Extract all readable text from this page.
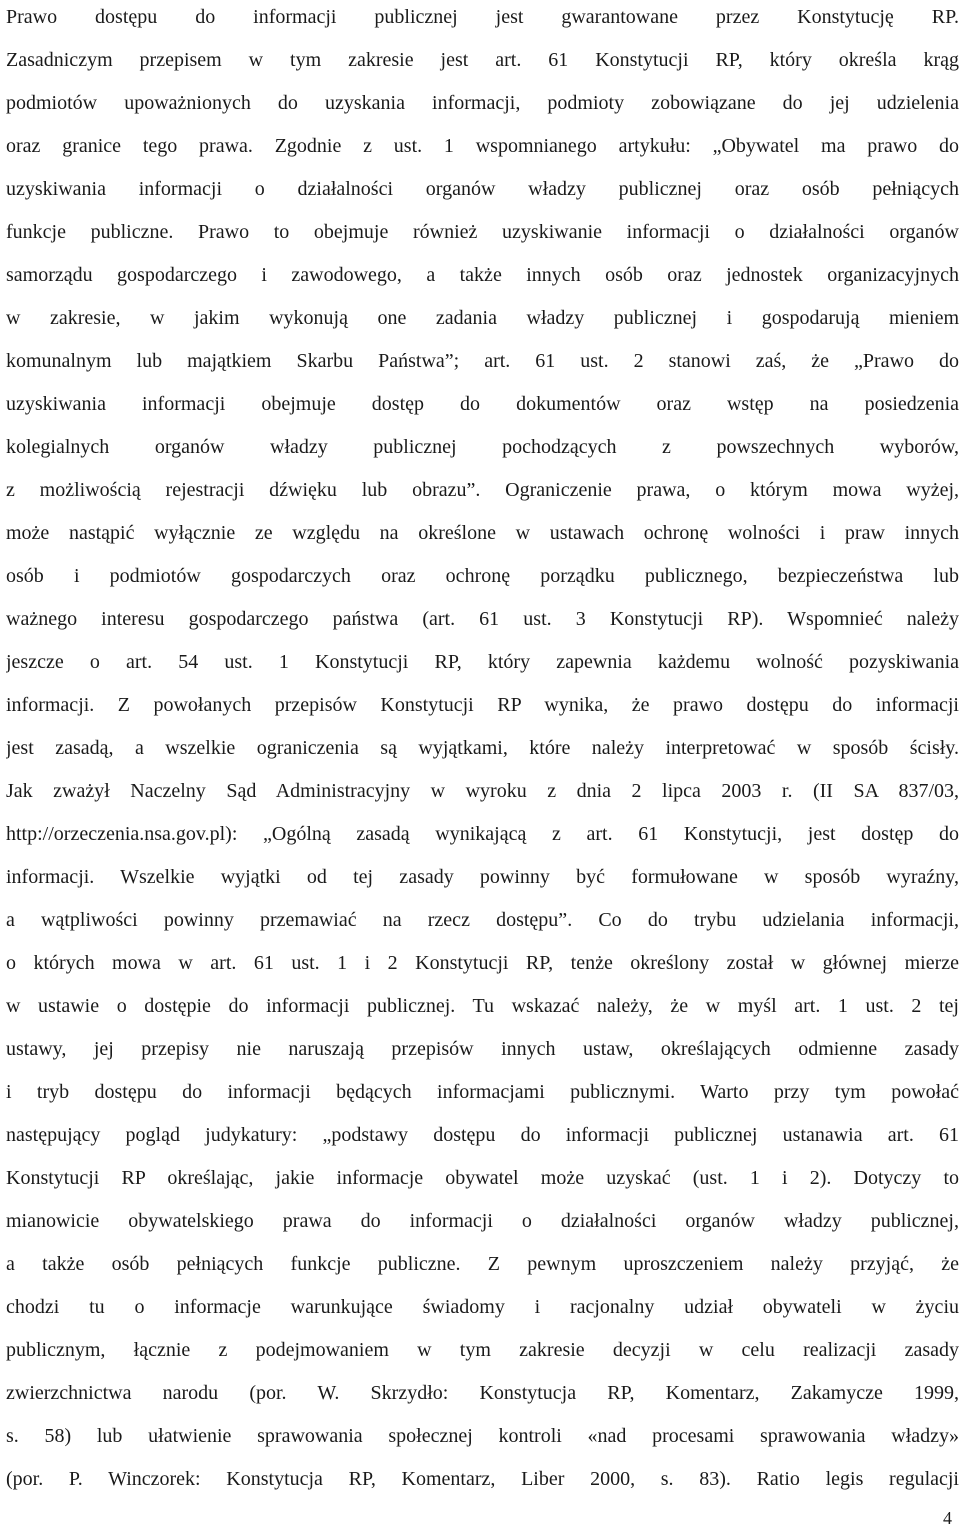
Prawo dostępu do informacji publicznej jest gwarantowane przez Konstytucję RP.
Zasadniczym przepisem w tym zakresie jest art. 61 Konstytucji RP, który określa krąg
podmiotów upoważnionych do uzyskania informacji, podmioty zobowiązane do jej udzielenia
oraz granice tego prawa. Zgodnie z ust. 1 wspomnianego artykułu: „Obywatel ma prawo do
uzyskiwania informacji o działalności organów władzy publicznej oraz osób pełniących
funkcje publiczne. Prawo to obejmuje również uzyskiwanie informacji o działalności organów
samorządu gospodarczego i zawodowego, a także innych osób oraz jednostek organizacyjnych
w zakresie, w jakim wykonują one zadania władzy publicznej i gospodarują mieniem
komunalnym lub majątkiem Skarbu Państwa”; art. 61 ust. 2 stanowi zaś, że „Prawo do
uzyskiwania informacji obejmuje dostęp do dokumentów oraz wstęp na posiedzenia
kolegialnych organów władzy publicznej pochodzących z powszechnych wyborów,
z możliwością rejestracji dźwięku lub obrazu”. Ograniczenie prawa, o którym mowa wyżej,
może nastąpić wyłącznie ze względu na określone w ustawach ochronę wolności i praw innych
osób i podmiotów gospodarczych oraz ochronę porządku publicznego, bezpieczeństwa lub
ważnego interesu gospodarczego państwa (art. 61 ust. 3 Konstytucji RP). Wspomnieć należy
jeszcze o art. 54 ust. 1 Konstytucji RP, który zapewnia każdemu wolność pozyskiwania
informacji. Z powołanych przepisów Konstytucji RP wynika, że prawo dostępu do informacji
jest zasadą, a wszelkie ograniczenia są wyjątkami, które należy interpretować w sposób ścisły.
Jak zważył Naczelny Sąd Administracyjny w wyroku z dnia 2 lipca 2003 r. (II SA 837/03,
http://orzeczenia.nsa.gov.pl): „Ogólną zasadą wynikającą z art. 61 Konstytucji, jest dostęp do
informacji. Wszelkie wyjątki od tej zasady powinny być formułowane w sposób wyraźny,
a wątpliwości powinny przemawiać na rzecz dostępu”. Co do trybu udzielania informacji,
o których mowa w art. 61 ust. 1 i 2 Konstytucji RP, tenże określony został w głównej mierze
w ustawie o dostępie do informacji publicznej. Tu wskazać należy, że w myśl art. 1 ust. 2 tej
ustawy, jej przepisy nie naruszają przepisów innych ustaw, określających odmienne zasady
i tryb dostępu do informacji będących informacjami publicznymi. Warto przy tym powołać
następujący pogląd judykatury: „podstawy dostępu do informacji publicznej ustanawia art. 61
Konstytucji RP określając, jakie informacje obywatel może uzyskać (ust. 1 i 2). Dotyczy to
mianowicie obywatelskiego prawa do informacji o działalności organów władzy publicznej,
a także osób pełniących funkcje publiczne. Z pewnym uproszczeniem należy przyjąć, że
chodzi tu o informacje warunkujące świadomy i racjonalny udział obywateli w życiu
publicznym, łącznie z podejmowaniem w tym zakresie decyzji w celu realizacji zasady
zwierzchnictwa narodu (por. W. Skrzydło: Konstytucja RP, Komentarz, Zakamycze 1999,
s. 58) lub ułatwienie sprawowania społecznej kontroli «nad procesami sprawowania władzy»
(por. P. Winczorek: Konstytucja RP, Komentarz, Liber 2000, s. 83). Ratio legis regulacji
4
